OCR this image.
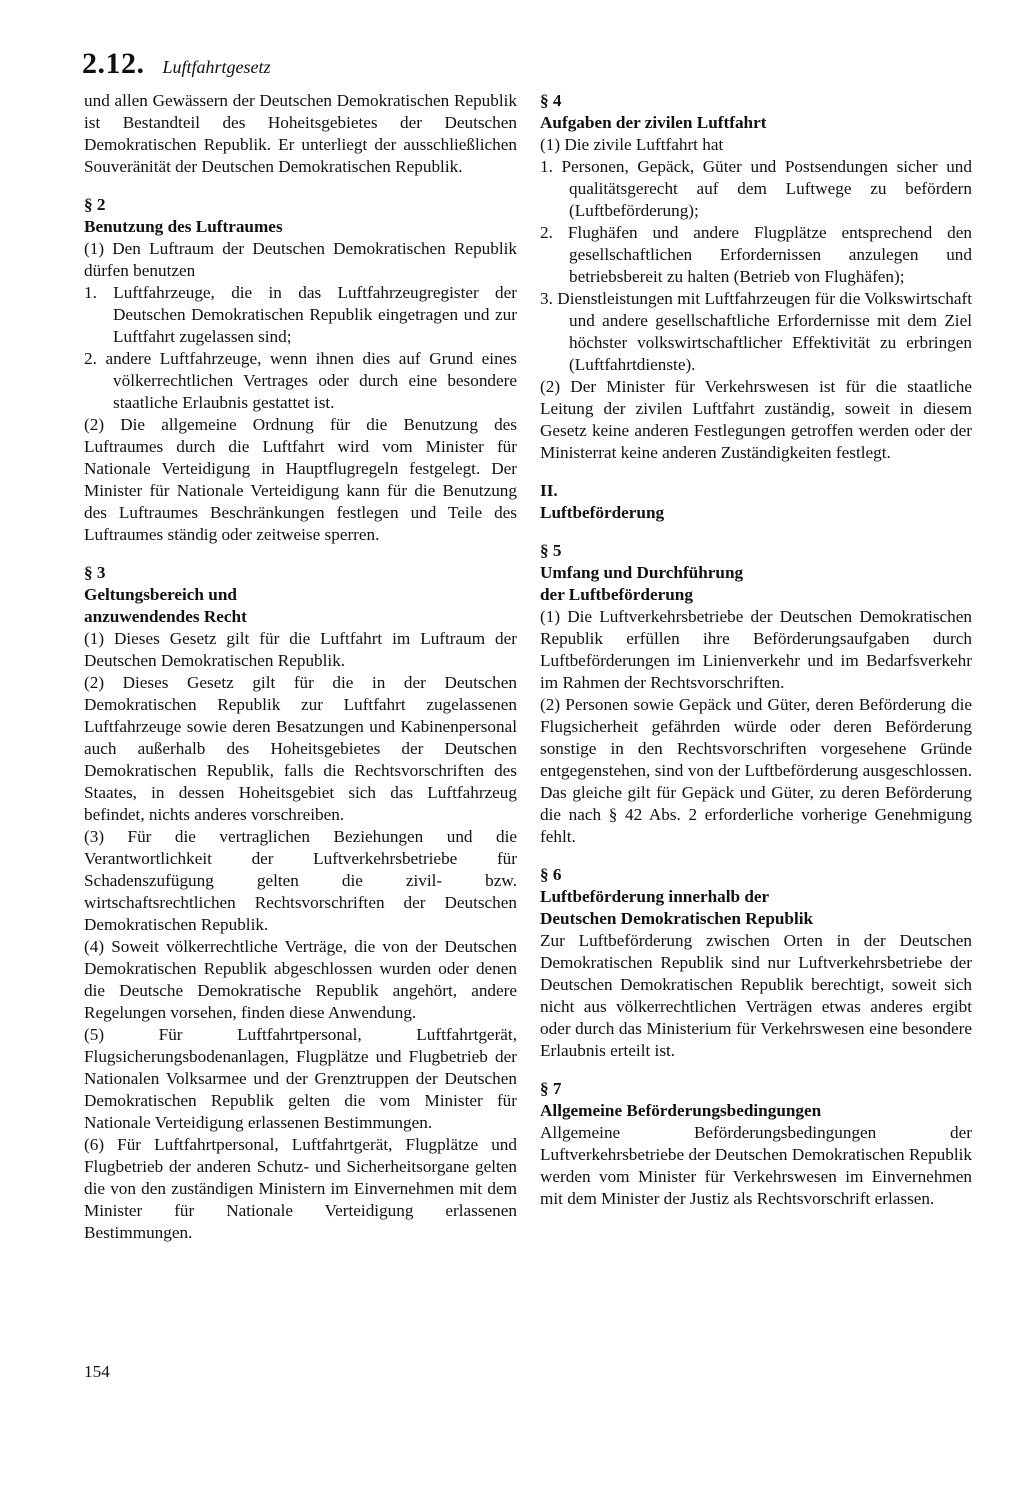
2.12. Luftfahrtgesetz

und allen Gewässern der Deutschen Demokratischen Republik ist Bestandteil des Hoheitsgebietes der Deutschen Demokratischen Republik. Er unterliegt der ausschließlichen Souveränität der Deutschen Demokratischen Republik.

§ 2

Benutzung des Luftraumes

(1) Den Luftraum der Deutschen Demokratischen Republik dürfen benutzen

1. Luftfahrzeuge, die in das Luftfahrzeugregister der Deutschen Demokratischen Republik eingetragen und zur Luftfahrt zugelassen sind;

2. andere Luftfahrzeuge, wenn ihnen dies auf Grund eines völkerrechtlichen Vertrages oder durch eine besondere staatliche Erlaubnis gestattet ist.

(2) Die allgemeine Ordnung für die Benutzung des Luftraumes durch die Luftfahrt wird vom Minister für Nationale Verteidigung in Hauptflugregeln festgelegt. Der Minister für Nationale Verteidigung kann für die Benutzung des Luftraumes Beschränkungen festlegen und Teile des Luftraumes ständig oder zeitweise sperren.

§ 3

Geltungsbereich und

anzuwendendes Recht

(1) Dieses Gesetz gilt für die Luftfahrt im Luftraum der Deutschen Demokratischen Republik.

(2) Dieses Gesetz gilt für die in der Deutschen Demokratischen Republik zur Luftfahrt zugelassenen Luftfahrzeuge sowie deren Besatzungen und Kabinenpersonal auch außerhalb des Hoheitsgebietes der Deutschen Demokratischen Republik, falls die Rechtsvorschriften des Staates, in dessen Hoheitsgebiet sich das Luftfahrzeug befindet, nichts anderes vorschreiben.

(3) Für die vertraglichen Beziehungen und die Verantwortlichkeit der Luftverkehrsbetriebe für Schadenszufügung gelten die zivil- bzw. wirtschaftsrechtlichen Rechtsvorschriften der Deutschen Demokratischen Republik.

(4) Soweit völkerrechtliche Verträge, die von der Deutschen Demokratischen Republik abgeschlossen wurden oder denen die Deutsche Demokratische Republik angehört, andere Regelungen vorsehen, finden diese Anwendung.

(5) Für Luftfahrtpersonal, Luftfahrtgerät, Flugsicherungsbodenanlagen, Flugplätze und Flugbetrieb der Nationalen Volksarmee und der Grenztruppen der Deutschen Demokratischen Republik gelten die vom Minister für Nationale Verteidigung erlassenen Bestimmungen.

(6) Für Luftfahrtpersonal, Luftfahrtgerät, Flugplätze und Flugbetrieb der anderen Schutz- und Sicherheitsorgane gelten die von den zuständigen Ministern im Einvernehmen mit dem Minister für Nationale Verteidigung erlassenen Bestimmungen.

§ 4

Aufgaben der zivilen Luftfahrt

(1) Die zivile Luftfahrt hat

1. Personen, Gepäck, Güter und Postsendungen sicher und qualitätsgerecht auf dem Luftwege zu befördern (Luftbeförderung);

2. Flughäfen und andere Flugplätze entsprechend den gesellschaftlichen Erfordernissen anzulegen und betriebsbereit zu halten (Betrieb von Flughäfen);

3. Dienstleistungen mit Luftfahrzeugen für die Volkswirtschaft und andere gesellschaftliche Erfordernisse mit dem Ziel höchster volkswirtschaftlicher Effektivität zu erbringen (Luftfahrtdienste).

(2) Der Minister für Verkehrswesen ist für die staatliche Leitung der zivilen Luftfahrt zuständig, soweit in diesem Gesetz keine anderen Festlegungen getroffen werden oder der Ministerrat keine anderen Zuständigkeiten festlegt.

II.

Luftbeförderung

§ 5

Umfang und Durchführung

der Luftbeförderung

(1) Die Luftverkehrsbetriebe der Deutschen Demokratischen Republik erfüllen ihre Beförderungsaufgaben durch Luftbeförderungen im Linienverkehr und im Bedarfsverkehr im Rahmen der Rechtsvorschriften.

(2) Personen sowie Gepäck und Güter, deren Beförderung die Flugsicherheit gefährden würde oder deren Beförderung sonstige in den Rechtsvorschriften vorgesehene Gründe entgegenstehen, sind von der Luftbeförderung ausgeschlossen. Das gleiche gilt für Gepäck und Güter, zu deren Beförderung die nach § 42 Abs. 2 erforderliche vorherige Genehmigung fehlt.

§ 6

Luftbeförderung innerhalb der

Deutschen Demokratischen Republik

Zur Luftbeförderung zwischen Orten in der Deutschen Demokratischen Republik sind nur Luftverkehrsbetriebe der Deutschen Demokratischen Republik berechtigt, soweit sich nicht aus völkerrechtlichen Verträgen etwas anderes ergibt oder durch das Ministerium für Verkehrswesen eine besondere Erlaubnis erteilt ist.

§ 7

Allgemeine Beförderungsbedingungen

Allgemeine Beförderungsbedingungen der Luftverkehrsbetriebe der Deutschen Demokratischen Republik werden vom Minister für Verkehrswesen im Einvernehmen mit dem Minister der Justiz als Rechtsvorschrift erlassen.

154
